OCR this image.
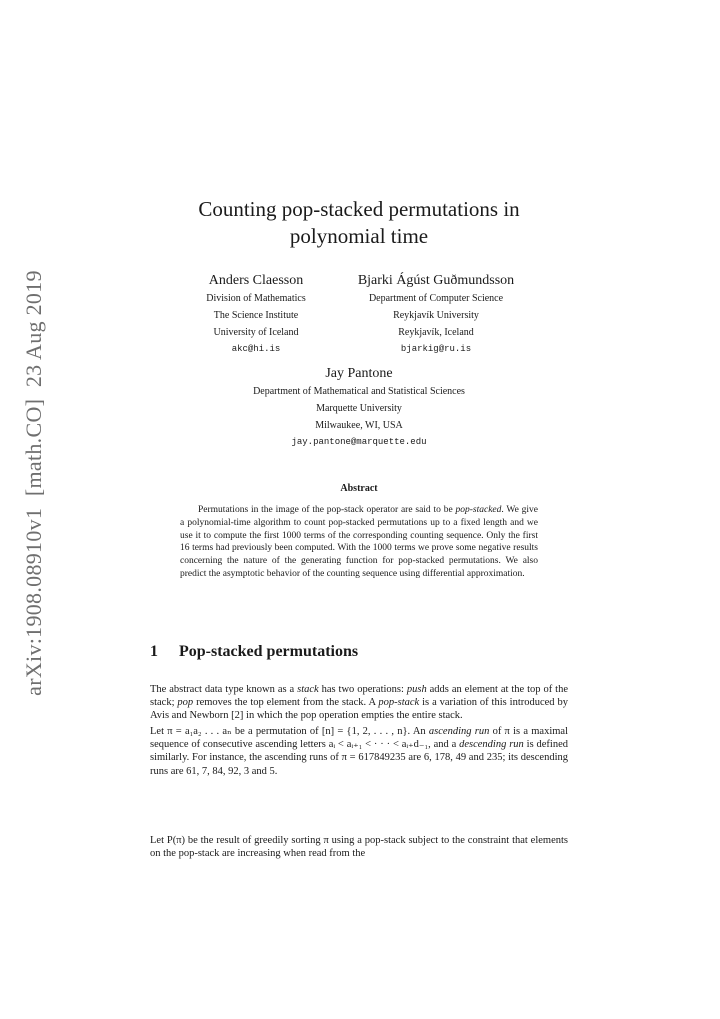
arXiv:1908.08910v1  [math.CO]  23 Aug 2019
Counting pop-stacked permutations in
polynomial time
Anders Claesson
Division of Mathematics
The Science Institute
University of Iceland
akc@hi.is
Bjarki Ágúst Guðmundsson
Department of Computer Science
Reykjavík University
Reykjavík, Iceland
bjarkig@ru.is
Jay Pantone
Department of Mathematical and Statistical Sciences
Marquette University
Milwaukee, WI, USA
jay.pantone@marquette.edu
Abstract

Permutations in the image of the pop-stack operator are said to be pop-stacked. We give a polynomial-time algorithm to count pop-stacked permutations up to a fixed length and we use it to compute the first 1000 terms of the corresponding counting sequence. Only the first 16 terms had previously been computed. With the 1000 terms we prove some negative results concerning the nature of the generating function for pop-stacked permutations. We also predict the asymptotic behavior of the counting sequence using differential approximation.

1 Pop-stacked permutations

The abstract data type known as a stack has two operations: push adds an element at the top of the stack; pop removes the top element from the stack. A pop-stack is a variation of this introduced by Avis and Newborn [2] in which the pop operation empties the entire stack.

Let π = a₁a₂ . . . aₙ be a permutation of [n] = {1, 2, . . . , n}. An ascending run of π is a maximal sequence of consecutive ascending letters aᵢ < aᵢ₊₁ < · · · < aᵢ₊d₋₁, and a descending run is defined similarly. For instance, the ascending runs of π = 617849235 are 6, 178, 49 and 235; its descending runs are 61, 7, 84, 92, 3 and 5.

Let P(π) be the result of greedily sorting π using a pop-stack subject to the constraint that elements on the pop-stack are increasing when read from the
